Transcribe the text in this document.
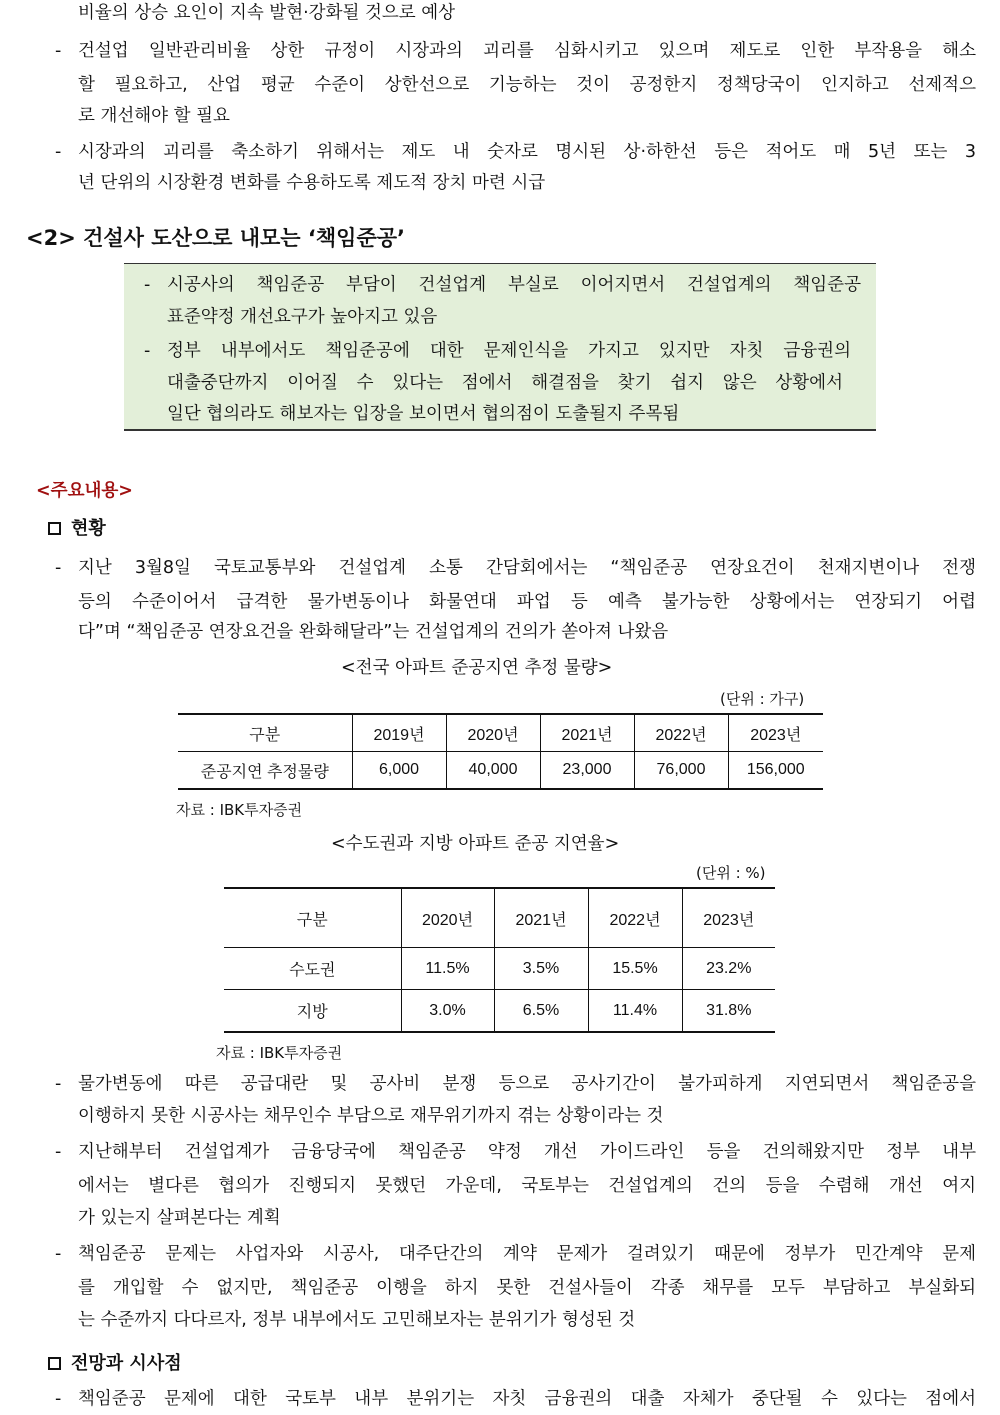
비율의 상승 요인이 지속 발현·강화될 것으로 예상
- 건설업 일반관리비율 상한 규정이 시장과의 괴리를 심화시키고 있으며 제도로 인한 부작용을 해소
할 필요하고, 산업 평균 수준이 상한선으로 기능하는 것이 공정한지 정책당국이 인지하고 선제적으
로 개선해야 할 필요
- 시장과의 괴리를 축소하기 위해서는 제도 내 숫자로 명시된 상·하한선 등은 적어도 매 5년 또는 3
년 단위의 시장환경 변화를 수용하도록 제도적 장치 마련 시급
<2> 건설사 도산으로 내모는 ‘책임준공’
- 시공사의 책임준공 부담이 건설업계 부실로 이어지면서 건설업계의 책임준공
표준약정 개선요구가 높아지고 있음
- 정부 내부에서도 책임준공에 대한 문제인식을 가지고 있지만 자칫 금융권의
대출중단까지 이어질 수 있다는 점에서 해결점을 찾기 쉽지 않은 상황에서
일단 협의라도 해보자는 입장을 보이면서 협의점이 도출될지 주목됨
<주요내용>
현황
- 지난 3월8일 국토교통부와 건설업계 소통 간담회에서는 “책임준공 연장요건이 천재지변이나 전쟁
등의 수준이어서 급격한 물가변동이나 화물연대 파업 등 예측 불가능한 상황에서는 연장되기 어렵
다”며 “책임준공 연장요건을 완화해달라”는 건설업계의 건의가 쏟아져 나왔음
<전국 아파트 준공지연 추정 물량>
(단위 : 가구)
구분	2019년	2020년	2021년	2022년	2023년
준공지연 추정물량	6,000	40,000	23,000	76,000	156,000
자료 : IBK투자증권
<수도권과 지방 아파트 준공 지연율>
(단위 : %)
구분	2020년	2021년	2022년	2023년
수도권	11.5%	3.5%	15.5%	23.2%
지방	3.0%	6.5%	11.4%	31.8%
자료 : IBK투자증권
- 물가변동에 따른 공급대란 및 공사비 분쟁 등으로 공사기간이 불가피하게 지연되면서 책임준공을
이행하지 못한 시공사는 채무인수 부담으로 재무위기까지 겪는 상황이라는 것
- 지난해부터 건설업계가 금융당국에 책임준공 약정 개선 가이드라인 등을 건의해왔지만 정부 내부
에서는 별다른 협의가 진행되지 못했던 가운데, 국토부는 건설업계의 건의 등을 수렴해 개선 여지
가 있는지 살펴본다는 계획
- 책임준공 문제는 사업자와 시공사, 대주단간의 계약 문제가 걸려있기 때문에 정부가 민간계약 문제
를 개입할 수 없지만, 책임준공 이행을 하지 못한 건설사들이 각종 채무를 모두 부담하고 부실화되
는 수준까지 다다르자, 정부 내부에서도 고민해보자는 분위기가 형성된 것
전망과 시사점
- 책임준공 문제에 대한 국토부 내부 분위기는 자칫 금융권의 대출 자체가 중단될 수 있다는 점에서
